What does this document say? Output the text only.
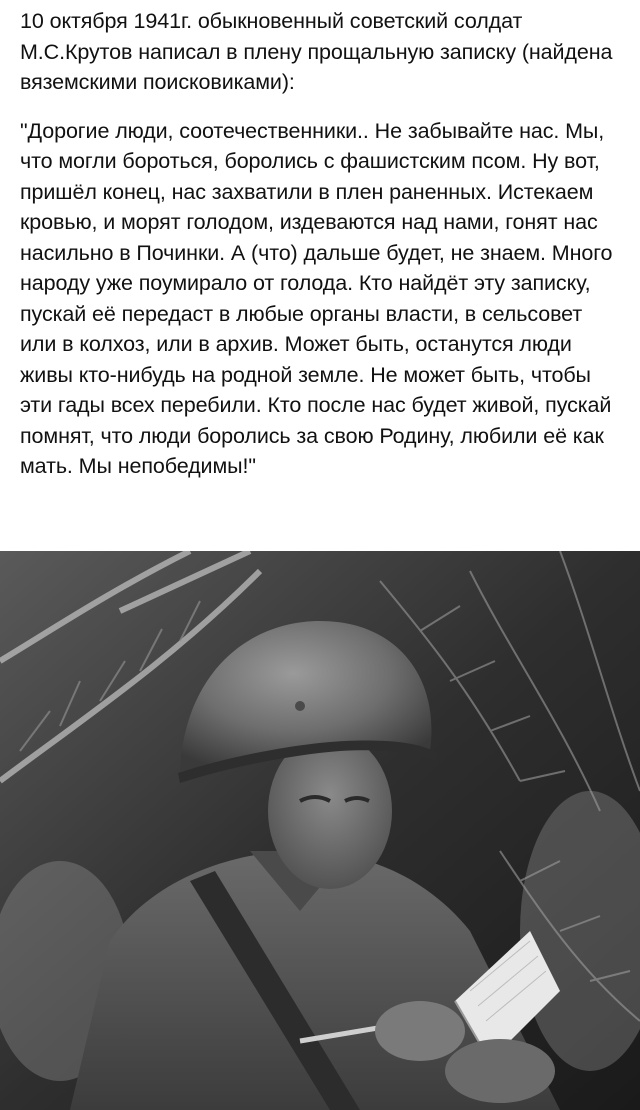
10 октября 1941г. обыкновенный советский солдат М.С.Крутов написал в плену прощальную записку (найдена вяземскими поисковиками):

"Дорогие люди, соотечественники.. Не забывайте нас. Мы, что могли бороться, боролись с фашистским псом. Ну вот, пришёл конец, нас захватили в плен раненных. Истекаем кровью, и морят голодом, издеваются над нами, гонят нас насильно в Починки. А (что) дальше будет, не знаем. Много народу уже поумирало от голода. Кто найдёт эту записку, пускай её передаст в любые органы власти, в сельсовет или в колхоз, или в архив. Может быть, останутся люди живы кто-нибудь на родной земле. Не может быть, чтобы эти гады всех перебили. Кто после нас будет живой, пускай помнят, что люди боролись за свою Родину, любили её как мать. Мы непобедимы!"
